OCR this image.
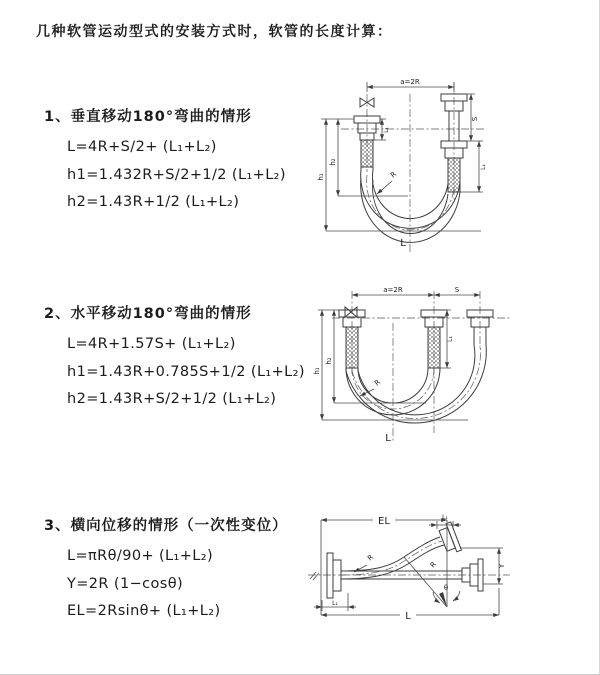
几种软管运动型式的安装方式时，软管的长度计算：
1、垂直移动180°弯曲的情形
L=4R+S/2+ (L₁+L₂)
h1=1.432R+S/2+1/2 (L₁+L₂)
h2=1.43R+1/2 (L₁+L₂)
2、水平移动180°弯曲的情形
L=4R+1.57S+ (L₁+L₂)
h1=1.43R+0.785S+1/2 (L₁+L₂)
h2=1.43R+S/2+1/2 (L₁+L₂)
3、横向位移的情形（一次性变位）
L=πRθ/90+ (L₁+L₂)
Y=2R (1−cosθ)
EL=2Rsinθ+ (L₁+L₂)
a=2R
h₁
h₂
L₁
S
L₁
R
L
a=2R	S
h₁
h₂
L₁
R
L
EL	L₁
Y
L
L₁
R
R
θ
